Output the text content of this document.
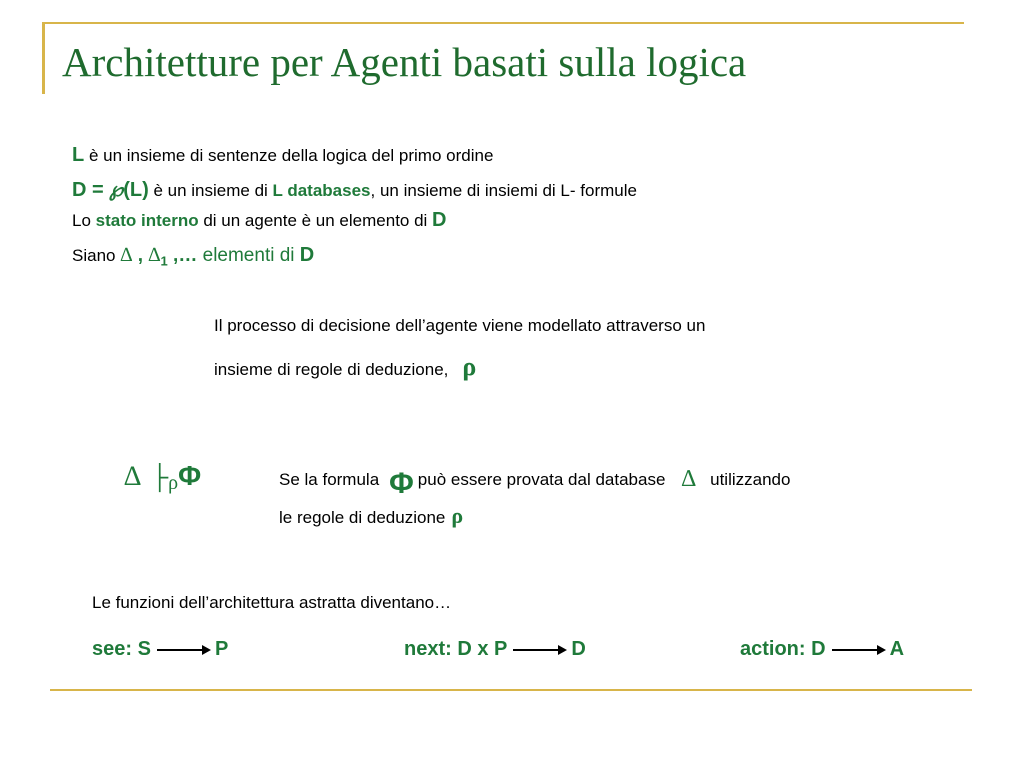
Architetture per Agenti basati sulla logica
L è un insieme di sentenze della logica del primo ordine
D = ℘(L) è un insieme di L databases, un insieme di insiemi di L- formule
Lo stato interno di un agente è un elemento di D
Siano ∆ , $\Delta_1$ ,… elementi di D
Il processo di decisione dell’agente viene modellato attraverso un
insieme di regole di deduzione, ρ
∆ $├_\rho\Phi$	Se la formula Φ può essere provata dal database ∆ utilizzando
le regole di deduzione ρ
Le funzioni dell’architettura astratta diventano…
see: S	P	next: D x P	D	action: D	A
